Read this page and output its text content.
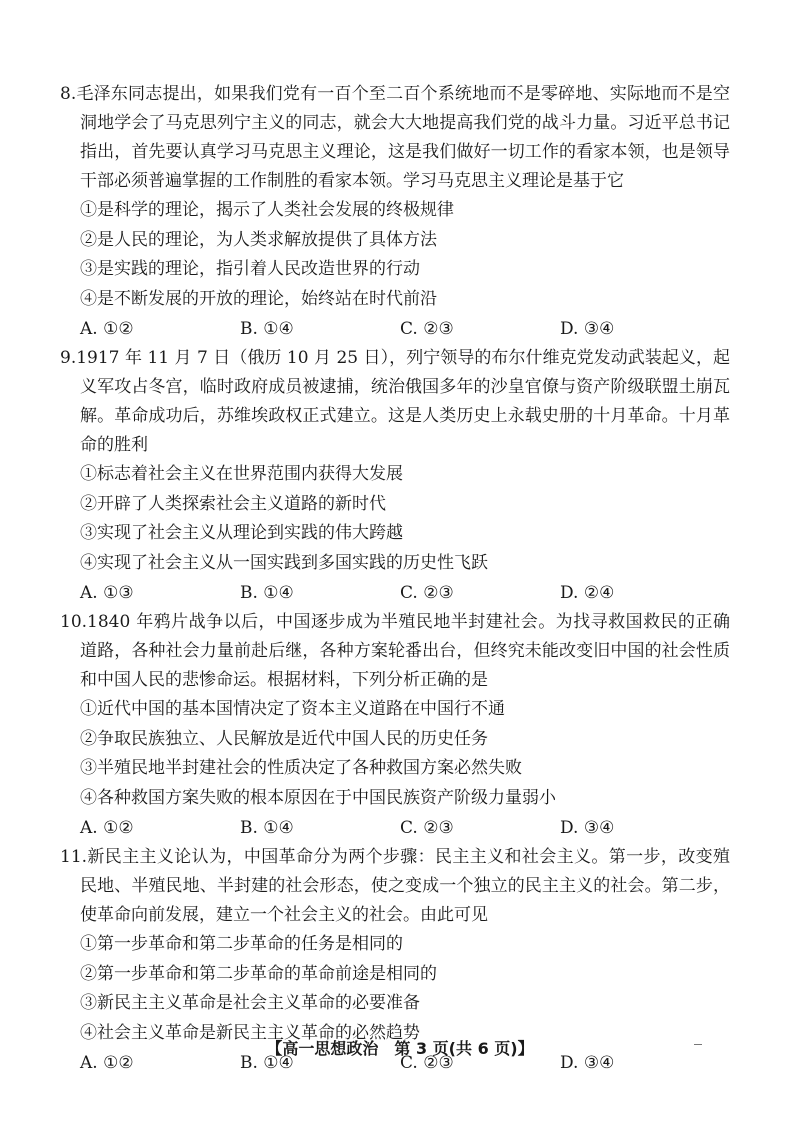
8.毛泽东同志提出，如果我们党有一百个至二百个系统地而不是零碎地、实际地而不是空洞地学会了马克思列宁主义的同志，就会大大地提高我们党的战斗力量。习近平总书记指出，首先要认真学习马克思主义理论，这是我们做好一切工作的看家本领，也是领导干部必须普遍掌握的工作制胜的看家本领。学习马克思主义理论是基于它

①是科学的理论，揭示了人类社会发展的终极规律
②是人民的理论，为人类求解放提供了具体方法
③是实践的理论，指引着人民改造世界的行动
④是不断发展的开放的理论，始终站在时代前沿
A. ①②	B. ①④	C. ②③	D. ③④

9.1917 年 11 月 7 日（俄历 10 月 25 日），列宁领导的布尔什维克党发动武装起义，起义军攻占冬宫，临时政府成员被逮捕，统治俄国多年的沙皇官僚与资产阶级联盟土崩瓦解。革命成功后，苏维埃政权正式建立。这是人类历史上永载史册的十月革命。十月革命的胜利

①标志着社会主义在世界范围内获得大发展
②开辟了人类探索社会主义道路的新时代
③实现了社会主义从理论到实践的伟大跨越
④实现了社会主义从一国实践到多国实践的历史性飞跃
A. ①③	B. ①④	C. ②③	D. ②④

10.1840 年鸦片战争以后，中国逐步成为半殖民地半封建社会。为找寻救国救民的正确道路，各种社会力量前赴后继，各种方案轮番出台，但终究未能改变旧中国的社会性质和中国人民的悲惨命运。根据材料，下列分析正确的是

①近代中国的基本国情决定了资本主义道路在中国行不通
②争取民族独立、人民解放是近代中国人民的历史任务
③半殖民地半封建社会的性质决定了各种救国方案必然失败
④各种救国方案失败的根本原因在于中国民族资产阶级力量弱小
A. ①②	B. ①④	C. ②③	D. ③④

11.新民主主义论认为，中国革命分为两个步骤：民主主义和社会主义。第一步，改变殖民地、半殖民地、半封建的社会形态，使之变成一个独立的民主主义的社会。第二步，使革命向前发展，建立一个社会主义的社会。由此可见

①第一步革命和第二步革命的任务是相同的
②第一步革命和第二步革命的革命前途是相同的
③新民主主义革命是社会主义革命的必要准备
④社会主义革命是新民主主义革命的必然趋势
A. ①②	B. ①④	C. ②③	D. ③④
【高一思想政治　第 3 页(共 6 页)】
